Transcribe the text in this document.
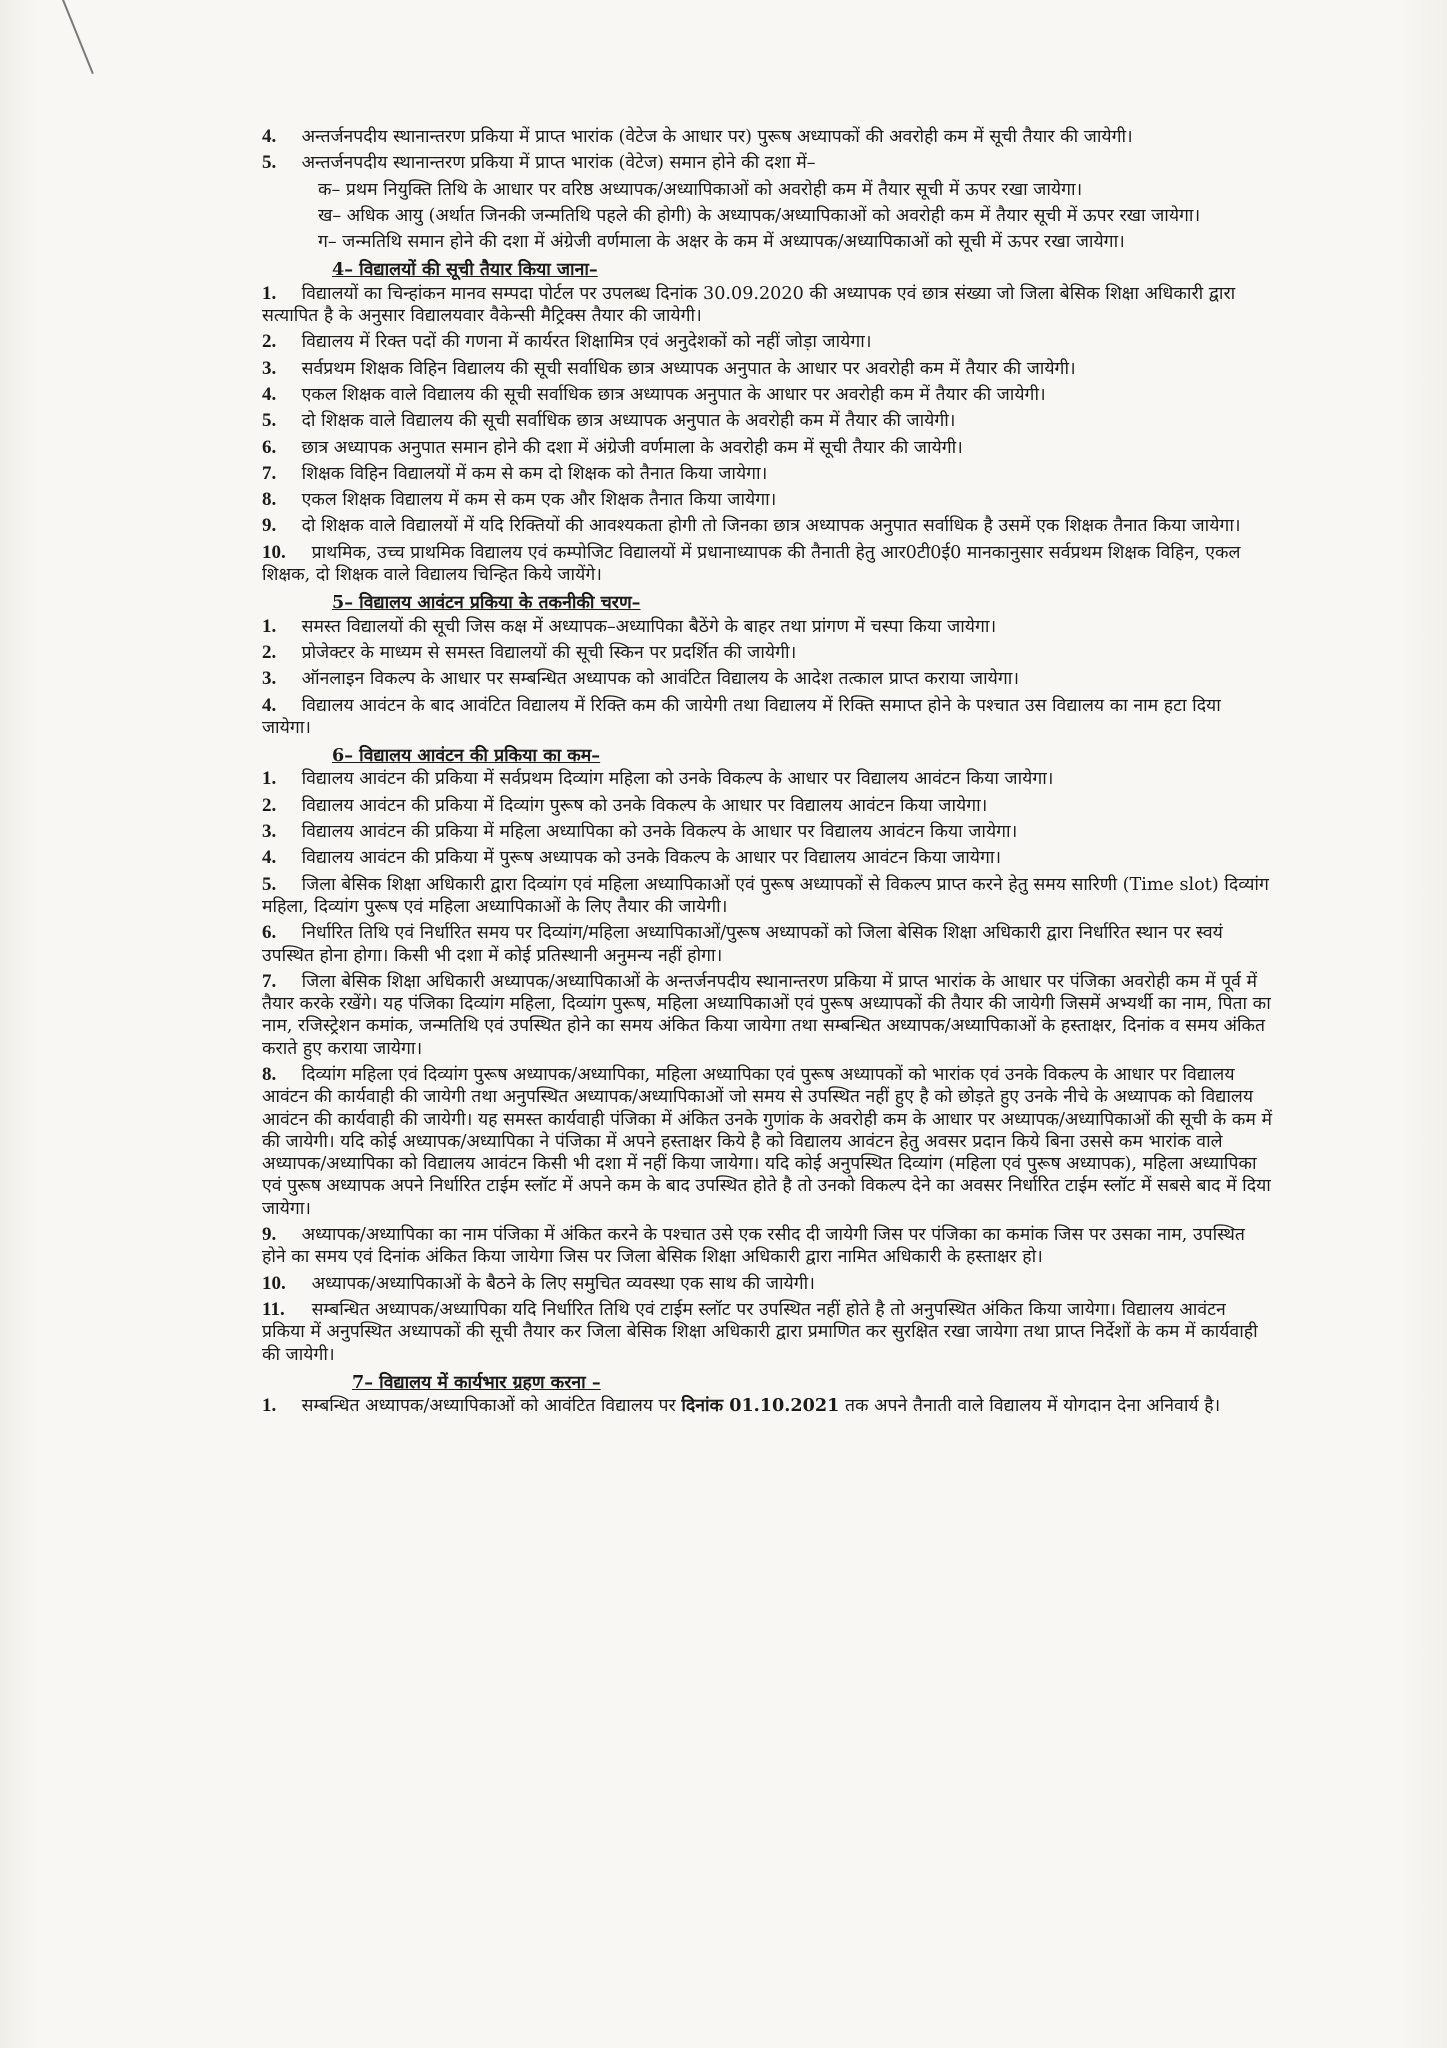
4. अन्तर्जनपदीय स्थानान्तरण प्रकिया में प्राप्त भारांक (वेटेज के आधार पर) पुरूष अध्यापकों की अवरोही कम में सूची तैयार की जायेगी।

5. अन्तर्जनपदीय स्थानान्तरण प्रकिया में प्राप्त भारांक (वेटेज) समान होने की दशा में–

क– प्रथम नियुक्ति तिथि के आधार पर वरिष्ठ अध्यापक/अध्यापिकाओं को अवरोही कम में तैयार सूची में ऊपर रखा जायेगा।

ख– अधिक आयु (अर्थात जिनकी जन्मतिथि पहले की होगी) के अध्यापक/अध्यापिकाओं को अवरोही कम में तैयार सूची में ऊपर रखा जायेगा।

ग– जन्मतिथि समान होने की दशा में अंग्रेजी वर्णमाला के अक्षर के कम में अध्यापक/अध्यापिकाओं को सूची में ऊपर रखा जायेगा।

4– विद्यालयों की सूची तैयार किया जाना–

1. विद्यालयों का चिन्हांकन मानव सम्पदा पोर्टल पर उपलब्ध दिनांक 30.09.2020 की अध्यापक एवं छात्र संख्या जो जिला बेसिक शिक्षा अधिकारी द्वारा सत्यापित है के अनुसार विद्यालयवार वैकेन्सी मैट्रिक्स तैयार की जायेगी।

2. विद्यालय में रिक्त पदों की गणना में कार्यरत शिक्षामित्र एवं अनुदेशकों को नहीं जोड़ा जायेगा।

3. सर्वप्रथम शिक्षक विहिन विद्यालय की सूची सर्वाधिक छात्र अध्यापक अनुपात के आधार पर अवरोही कम में तैयार की जायेगी।

4. एकल शिक्षक वाले विद्यालय की सूची सर्वाधिक छात्र अध्यापक अनुपात के आधार पर अवरोही कम में तैयार की जायेगी।

5. दो शिक्षक वाले विद्यालय की सूची सर्वाधिक छात्र अध्यापक अनुपात के अवरोही कम में तैयार की जायेगी।

6. छात्र अध्यापक अनुपात समान होने की दशा में अंग्रेजी वर्णमाला के अवरोही कम में सूची तैयार की जायेगी।

7. शिक्षक विहिन विद्यालयों में कम से कम दो शिक्षक को तैनात किया जायेगा।

8. एकल शिक्षक विद्यालय में कम से कम एक और शिक्षक तैनात किया जायेगा।

9. दो शिक्षक वाले विद्यालयों में यदि रिक्तियों की आवश्यकता होगी तो जिनका छात्र अध्यापक अनुपात सर्वाधिक है उसमें एक शिक्षक तैनात किया जायेगा।

10. प्राथमिक, उच्च प्राथमिक विद्यालय एवं कम्पोजिट विद्यालयों में प्रधानाध्यापक की तैनाती हेतु आर0टी0ई0 मानकानुसार सर्वप्रथम शिक्षक विहिन, एकल शिक्षक, दो शिक्षक वाले विद्यालय चिन्हित किये जायेंगे।

5– विद्यालय आवंटन प्रकिया के तकनीकी चरण–

1. समस्त विद्यालयों की सूची जिस कक्ष में अध्यापक–अध्यापिका बैठेंगे के बाहर तथा प्रांगण में चस्पा किया जायेगा।

2. प्रोजेक्टर के माध्यम से समस्त विद्यालयों की सूची स्किन पर प्रदर्शित की जायेगी।

3. ऑनलाइन विकल्प के आधार पर सम्बन्धित अध्यापक को आवंटित विद्यालय के आदेश तत्काल प्राप्त कराया जायेगा।

4. विद्यालय आवंटन के बाद आवंटित विद्यालय में रिक्ति कम की जायेगी तथा विद्यालय में रिक्ति समाप्त होने के पश्चात उस विद्यालय का नाम हटा दिया जायेगा।

6– विद्यालय आवंटन की प्रकिया का कम–

1. विद्यालय आवंटन की प्रकिया में सर्वप्रथम दिव्यांग महिला को उनके विकल्प के आधार पर विद्यालय आवंटन किया जायेगा।

2. विद्यालय आवंटन की प्रकिया में दिव्यांग पुरूष को उनके विकल्प के आधार पर विद्यालय आवंटन किया जायेगा।

3. विद्यालय आवंटन की प्रकिया में महिला अध्यापिका को उनके विकल्प के आधार पर विद्यालय आवंटन किया जायेगा।

4. विद्यालय आवंटन की प्रकिया में पुरूष अध्यापक को उनके विकल्प के आधार पर विद्यालय आवंटन किया जायेगा।

5. जिला बेसिक शिक्षा अधिकारी द्वारा दिव्यांग एवं महिला अध्यापिकाओं एवं पुरूष अध्यापकों से विकल्प प्राप्त करने हेतु समय सारिणी (Time slot) दिव्यांग महिला, दिव्यांग पुरूष एवं महिला अध्यापिकाओं के लिए तैयार की जायेगी।

6. निर्धारित तिथि एवं निर्धारित समय पर दिव्यांग/महिला अध्यापिकाओं/पुरूष अध्यापकों को जिला बेसिक शिक्षा अधिकारी द्वारा निर्धारित स्थान पर स्वयं उपस्थित होना होगा। किसी भी दशा में कोई प्रतिस्थानी अनुमन्य नहीं होगा।

7. जिला बेसिक शिक्षा अधिकारी अध्यापक/अध्यापिकाओं के अन्तर्जनपदीय स्थानान्तरण प्रकिया में प्राप्त भारांक के आधार पर पंजिका अवरोही कम में पूर्व में तैयार करके रखेंगे। यह पंजिका दिव्यांग महिला, दिव्यांग पुरूष, महिला अध्यापिकाओं एवं पुरूष अध्यापकों की तैयार की जायेगी जिसमें अभ्यर्थी का नाम, पिता का नाम, रजिस्ट्रेशन कमांक, जन्मतिथि एवं उपस्थित होने का समय अंकित किया जायेगा तथा सम्बन्धित अध्यापक/अध्यापिकाओं के हस्ताक्षर, दिनांक व समय अंकित कराते हुए कराया जायेगा।

8. दिव्यांग महिला एवं दिव्यांग पुरूष अध्यापक/अध्यापिका, महिला अध्यापिका एवं पुरूष अध्यापकों को भारांक एवं उनके विकल्प के आधार पर विद्यालय आवंटन की कार्यवाही की जायेगी तथा अनुपस्थित अध्यापक/अध्यापिकाओं जो समय से उपस्थित नहीं हुए है को छोड़ते हुए उनके नीचे के अध्यापक को विद्यालय आवंटन की कार्यवाही की जायेगी। यह समस्त कार्यवाही पंजिका में अंकित उनके गुणांक के अवरोही कम के आधार पर अध्यापक/अध्यापिकाओं की सूची के कम में की जायेगी। यदि कोई अध्यापक/अध्यापिका ने पंजिका में अपने हस्ताक्षर किये है को विद्यालय आवंटन हेतु अवसर प्रदान किये बिना उससे कम भारांक वाले अध्यापक/अध्यापिका को विद्यालय आवंटन किसी भी दशा में नहीं किया जायेगा। यदि कोई अनुपस्थित दिव्यांग (महिला एवं पुरूष अध्यापक), महिला अध्यापिका एवं पुरूष अध्यापक अपने निर्धारित टाईम स्लॉट में अपने कम के बाद उपस्थित होते है तो उनको विकल्प देने का अवसर निर्धारित टाईम स्लॉट में सबसे बाद में दिया जायेगा।

9. अध्यापक/अध्यापिका का नाम पंजिका में अंकित करने के पश्चात उसे एक रसीद दी जायेगी जिस पर पंजिका का कमांक जिस पर उसका नाम, उपस्थित होने का समय एवं दिनांक अंकित किया जायेगा जिस पर जिला बेसिक शिक्षा अधिकारी द्वारा नामित अधिकारी के हस्ताक्षर हो।

10. अध्यापक/अध्यापिकाओं के बैठने के लिए समुचित व्यवस्था एक साथ की जायेगी।

11. सम्बन्धित अध्यापक/अध्यापिका यदि निर्धारित तिथि एवं टाईम स्लॉट पर उपस्थित नहीं होते है तो अनुपस्थित अंकित किया जायेगा। विद्यालय आवंटन प्रकिया में अनुपस्थित अध्यापकों की सूची तैयार कर जिला बेसिक शिक्षा अधिकारी द्वारा प्रमाणित कर सुरक्षित रखा जायेगा तथा प्राप्त निर्देशों के कम में कार्यवाही की जायेगी।

7– विद्यालय में कार्यभार ग्रहण करना –

1. सम्बन्धित अध्यापक/अध्यापिकाओं को आवंटित विद्यालय पर दिनांक 01.10.2021 तक अपने तैनाती वाले विद्यालय में योगदान देना अनिवार्य है।
